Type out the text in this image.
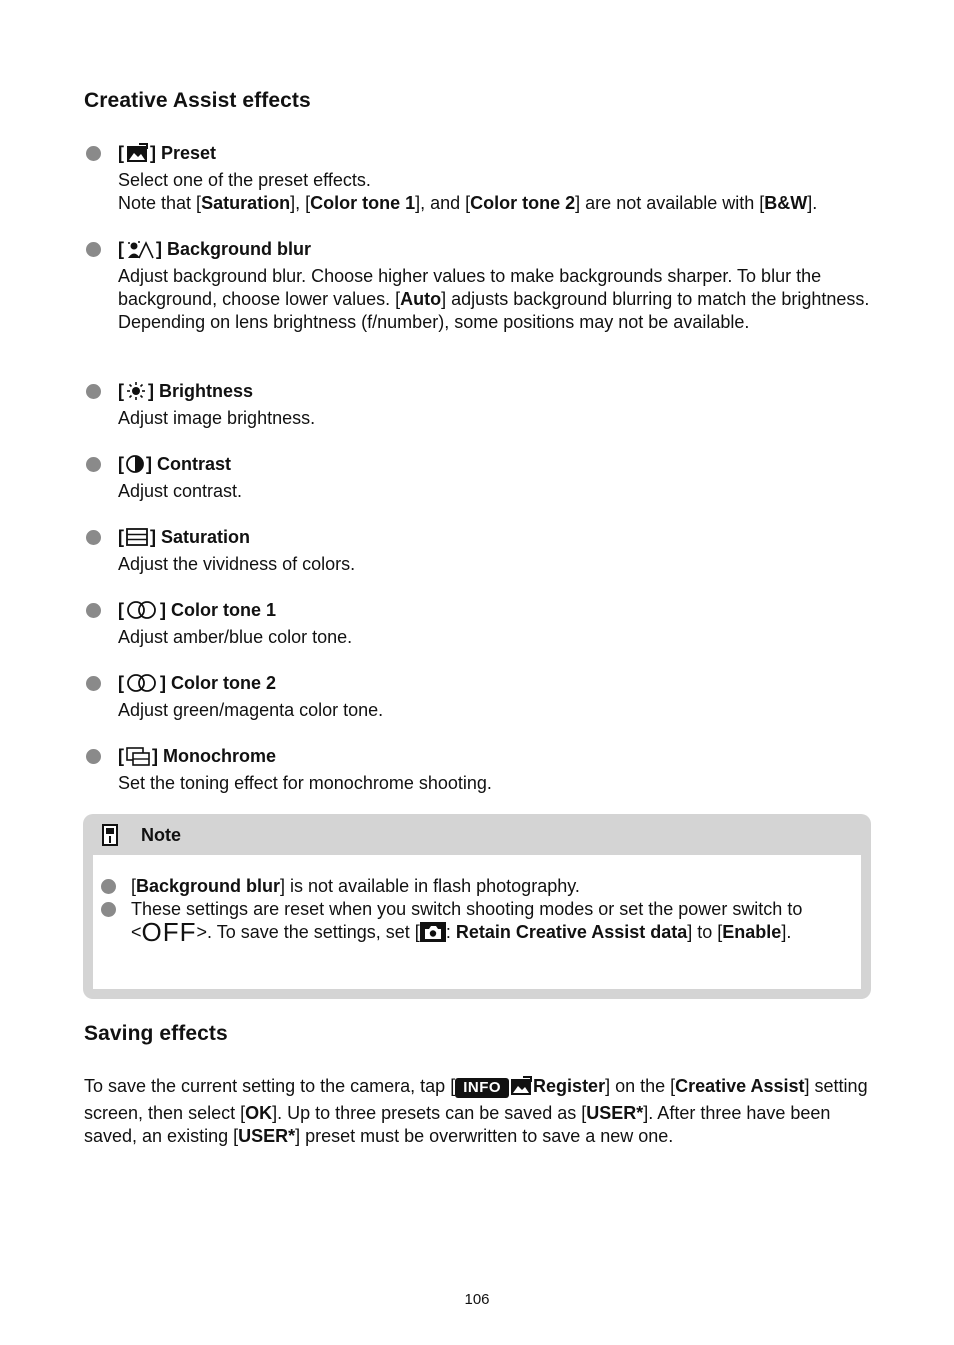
Creative Assist effects
[ ] Preset

Select one of the preset effects.

Note that [Saturation], [Color tone 1], and [Color tone 2] are not available with [B&W].

[ ] Background blur

Adjust background blur. Choose higher values to make backgrounds sharper. To blur the background, choose lower values. [Auto] adjusts background blurring to match the brightness. Depending on lens brightness (f/number), some positions may not be available.

[ ] Brightness

Adjust image brightness.

[ ] Contrast

Adjust contrast.

[ ] Saturation

Adjust the vividness of colors.

[ ] Color tone 1

Adjust amber/blue color tone.

[ ] Color tone 2

Adjust green/magenta color tone.

[ ] Monochrome

Set the toning effect for monochrome shooting.

Note

[Background blur] is not available in flash photography.

These settings are reset when you switch shooting modes or set the power switch to <OFF>. To save the settings, set [ : Retain Creative Assist data] to [Enable].

Saving effects

To save the current setting to the camera, tap [ INFO Register] on the [Creative Assist] setting screen, then select [OK]. Up to three presets can be saved as [USER*]. After three have been saved, an existing [USER*] preset must be overwritten to save a new one.

106
